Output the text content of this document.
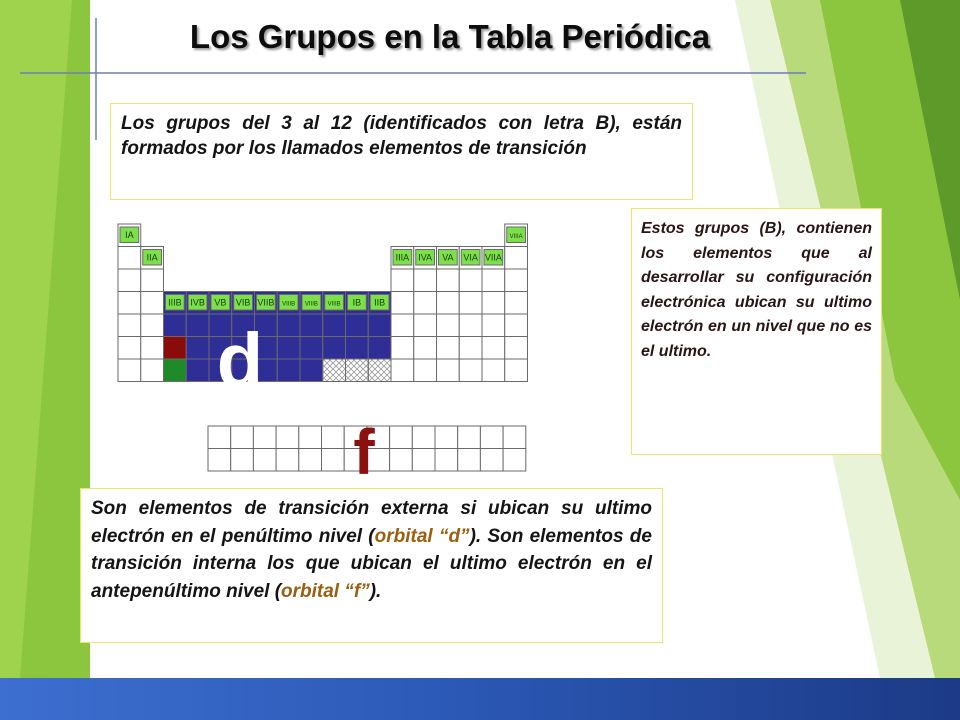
Los Grupos en la Tabla Periódica
Los grupos del 3 al 12 (identificados con letra B), están formados por los llamados elementos de transición
IA
IIA	IIIA IVA VA VIA VIIA
VIIIA
IIIB IVB VB VIB VIIB VIIIB VIIIB VIIIB IB IIB
d
f
Estos grupos (B), contienen los elementos que al desarrollar su configuración electrónica ubican su ultimo electrón en un nivel que no es el ultimo.
Son elementos de transición externa si ubican su ultimo electrón en el penúltimo nivel (orbital “d”). Son elementos de transición interna los que ubican el ultimo electrón en el antepenúltimo nivel (orbital “f”).
